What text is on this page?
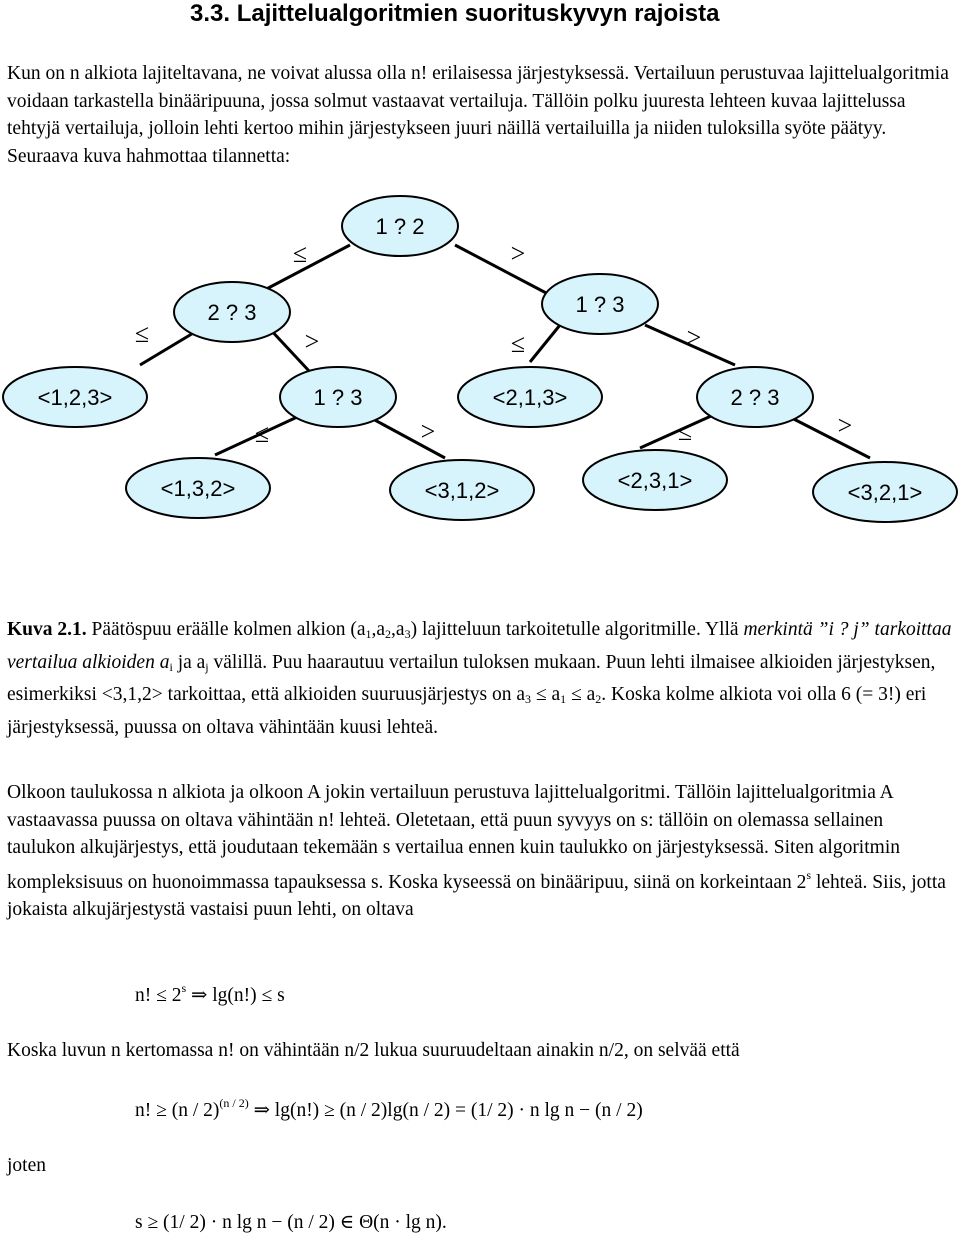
3.3. Lajittelualgoritmien suorituskyvyn rajoista

Kun on n alkiota lajiteltavana, ne voivat alussa olla n! erilaisessa järjestyksessä. Vertailuun perustuvaa lajittelualgoritmia voidaan tarkastella binääripuuna, jossa solmut vastaavat vertailuja. Tällöin polku juuresta lehteen kuvaa lajittelussa tehtyjä vertailuja, jolloin lehti kertoo mihin järjestykseen juuri näillä vertailuilla ja niiden tuloksilla syöte päätyy. Seuraava kuva hahmottaa tilannetta:

1 ? 2
2 ? 3	1 ? 3
<1,2,3>	1 ? 3	<2,1,3>	2 ? 3
<1,3,2>	<3,1,2>	<2,3,1>	<3,2,1>
≤	>
≤	>	≤	>
≤	>	≤	>

Kuva 2.1. Päätöspuu eräälle kolmen alkion $(a_1,a_2,a_3)$ lajitteluun tarkoitetulle algoritmille. Yllä merkintä ”i ? j” tarkoittaa vertailua alkioiden $a_i$ ja $a_j$ välillä. Puu haarautuu vertailun tuloksen mukaan. Puun lehti ilmaisee alkioiden järjestyksen, esimerkiksi <3,1,2> tarkoittaa, että alkioiden suuruusjärjestys on $a_3 \le a_1 \le a_2$. Koska kolme alkiota voi olla 6 (= 3!) eri järjestyksessä, puussa on oltava vähintään kuusi lehteä.

Olkoon taulukossa n alkiota ja olkoon A jokin vertailuun perustuva lajittelualgoritmi. Tällöin lajittelualgoritmia A vastaavassa puussa on oltava vähintään n! lehteä. Oletetaan, että puun syvyys on s: tällöin on olemassa sellainen taulukon alkujärjestys, että joudutaan tekemään s vertailua ennen kuin taulukko on järjestyksessä. Siten algoritmin kompleksisuus on huonoimmassa tapauksessa s. Koska kyseessä on binääripuu, siinä on korkeintaan 2$^s$ lehteä. Siis, jotta jokaista alkujärjestystä vastaisi puun lehti, on oltava

n! ≤ $2^s$ ⇒ lg(n!) ≤ s

Koska luvun n kertomassa n! on vähintään n/2 lukua suuruudeltaan ainakin n/2, on selvää että

n! ≥ (n / 2)$^{(n / 2)}$ ⇒ lg(n!) ≥ (n / 2)lg(n / 2) = (1/ 2) · n lg n − (n / 2)
joten
s ≥ (1/ 2) · n lg n − (n / 2) ∈ Θ(n · lg n).
